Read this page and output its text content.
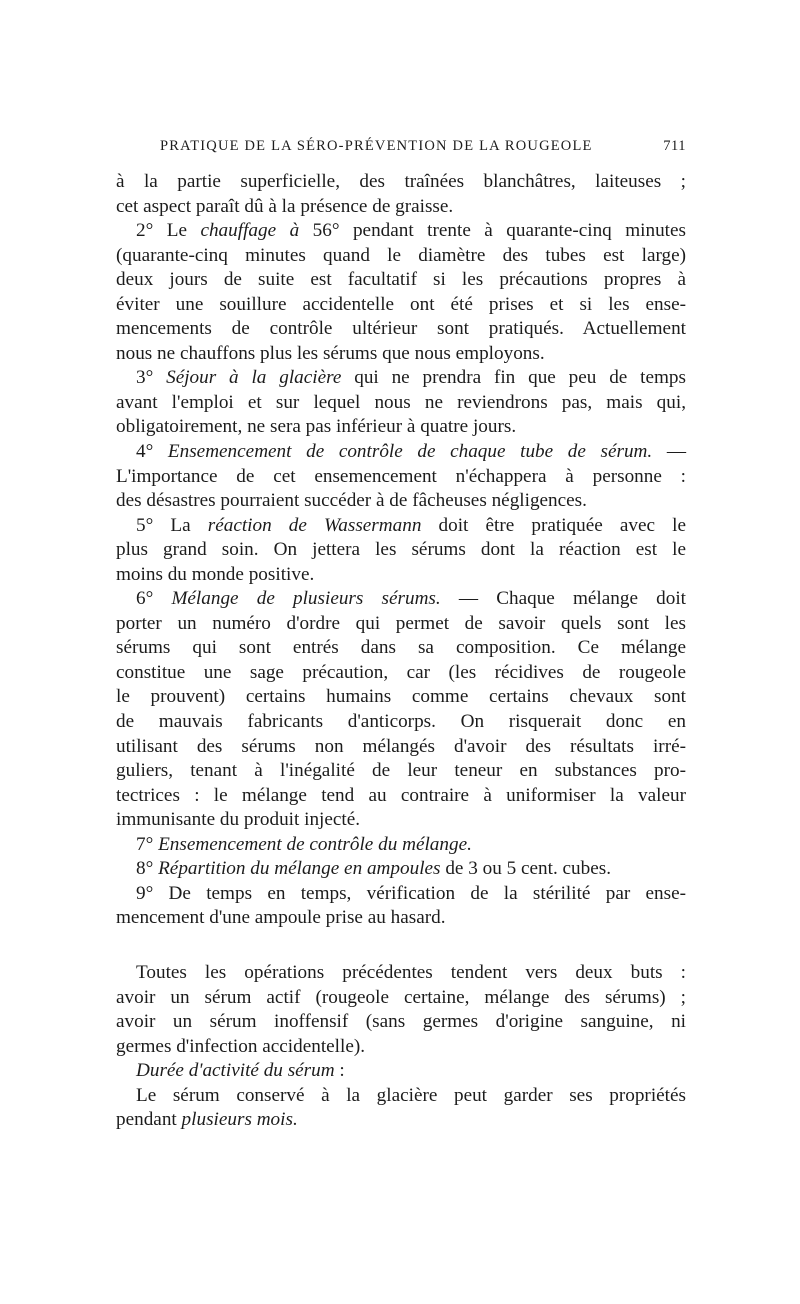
PRATIQUE DE LA SÉRO-PRÉVENTION DE LA ROUGEOLE	711
à la partie superficielle, des traînées blanchâtres, laiteuses ;
cet aspect paraît dû à la présence de graisse.
2° Le chauffage à 56° pendant trente à quarante-cinq minutes
(quarante-cinq minutes quand le diamètre des tubes est large)
deux jours de suite est facultatif si les précautions propres à
éviter une souillure accidentelle ont été prises et si les ense-
mencements de contrôle ultérieur sont pratiqués. Actuellement
nous ne chauffons plus les sérums que nous employons.
3° Séjour à la glacière qui ne prendra fin que peu de temps
avant l'emploi et sur lequel nous ne reviendrons pas, mais qui,
obligatoirement, ne sera pas inférieur à quatre jours.
4° Ensemencement de contrôle de chaque tube de sérum. —
L'importance de cet ensemencement n'échappera à personne :
des désastres pourraient succéder à de fâcheuses négligences.
5° La réaction de Wassermann doit être pratiquée avec le
plus grand soin. On jettera les sérums dont la réaction est le
moins du monde positive.
6° Mélange de plusieurs sérums. — Chaque mélange doit
porter un numéro d'ordre qui permet de savoir quels sont les
sérums qui sont entrés dans sa composition. Ce mélange
constitue une sage précaution, car (les récidives de rougeole
le prouvent) certains humains comme certains chevaux sont
de mauvais fabricants d'anticorps. On risquerait donc en
utilisant des sérums non mélangés d'avoir des résultats irré-
guliers, tenant à l'inégalité de leur teneur en substances pro-
tectrices : le mélange tend au contraire à uniformiser la valeur
immunisante du produit injecté.
7° Ensemencement de contrôle du mélange.
8° Répartition du mélange en ampoules de 3 ou 5 cent. cubes.
9° De temps en temps, vérification de la stérilité par ense-
mencement d'une ampoule prise au hasard.
Toutes les opérations précédentes tendent vers deux buts :
avoir un sérum actif (rougeole certaine, mélange des sérums) ;
avoir un sérum inoffensif (sans germes d'origine sanguine, ni
germes d'infection accidentelle).
Durée d'activité du sérum :
Le sérum conservé à la glacière peut garder ses propriétés
pendant plusieurs mois.
